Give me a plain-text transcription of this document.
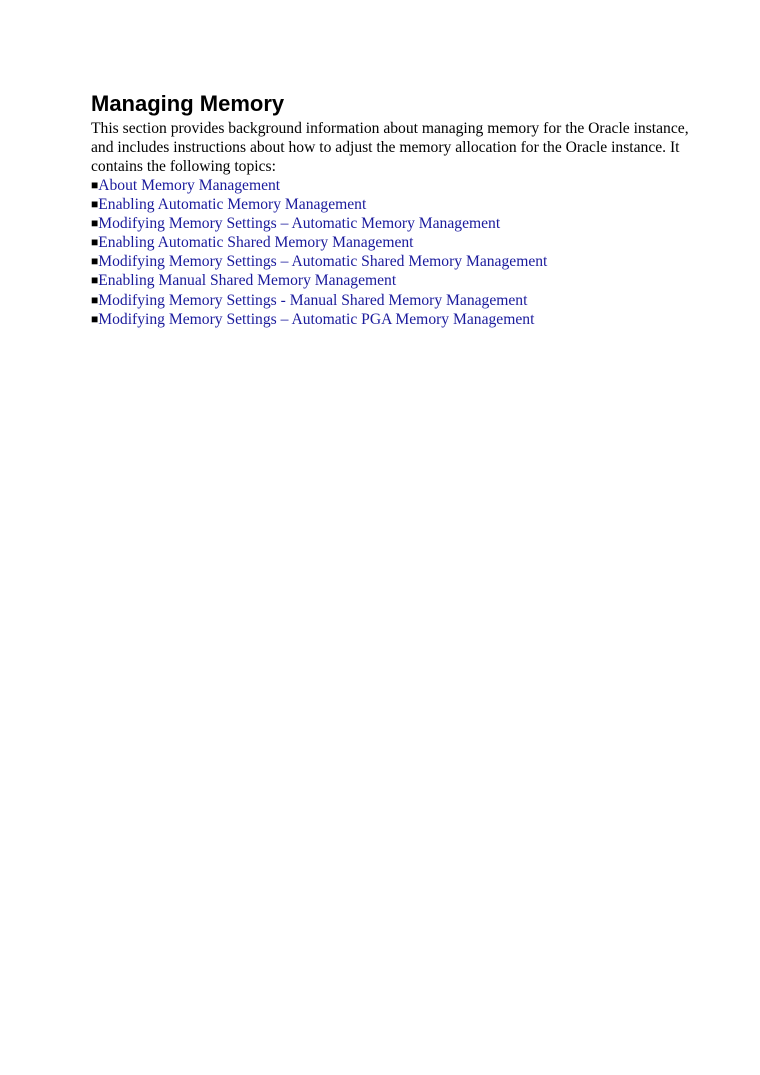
Managing Memory

This section provides background information about managing memory for the Oracle instance, and includes instructions about how to adjust the memory allocation for the Oracle instance. It contains the following topics:

■About Memory Management
■Enabling Automatic Memory Management
■Modifying Memory Settings – Automatic Memory Management
■Enabling Automatic Shared Memory Management
■Modifying Memory Settings – Automatic Shared Memory Management
■Enabling Manual Shared Memory Management
■Modifying Memory Settings - Manual Shared Memory Management
■Modifying Memory Settings – Automatic PGA Memory Management
